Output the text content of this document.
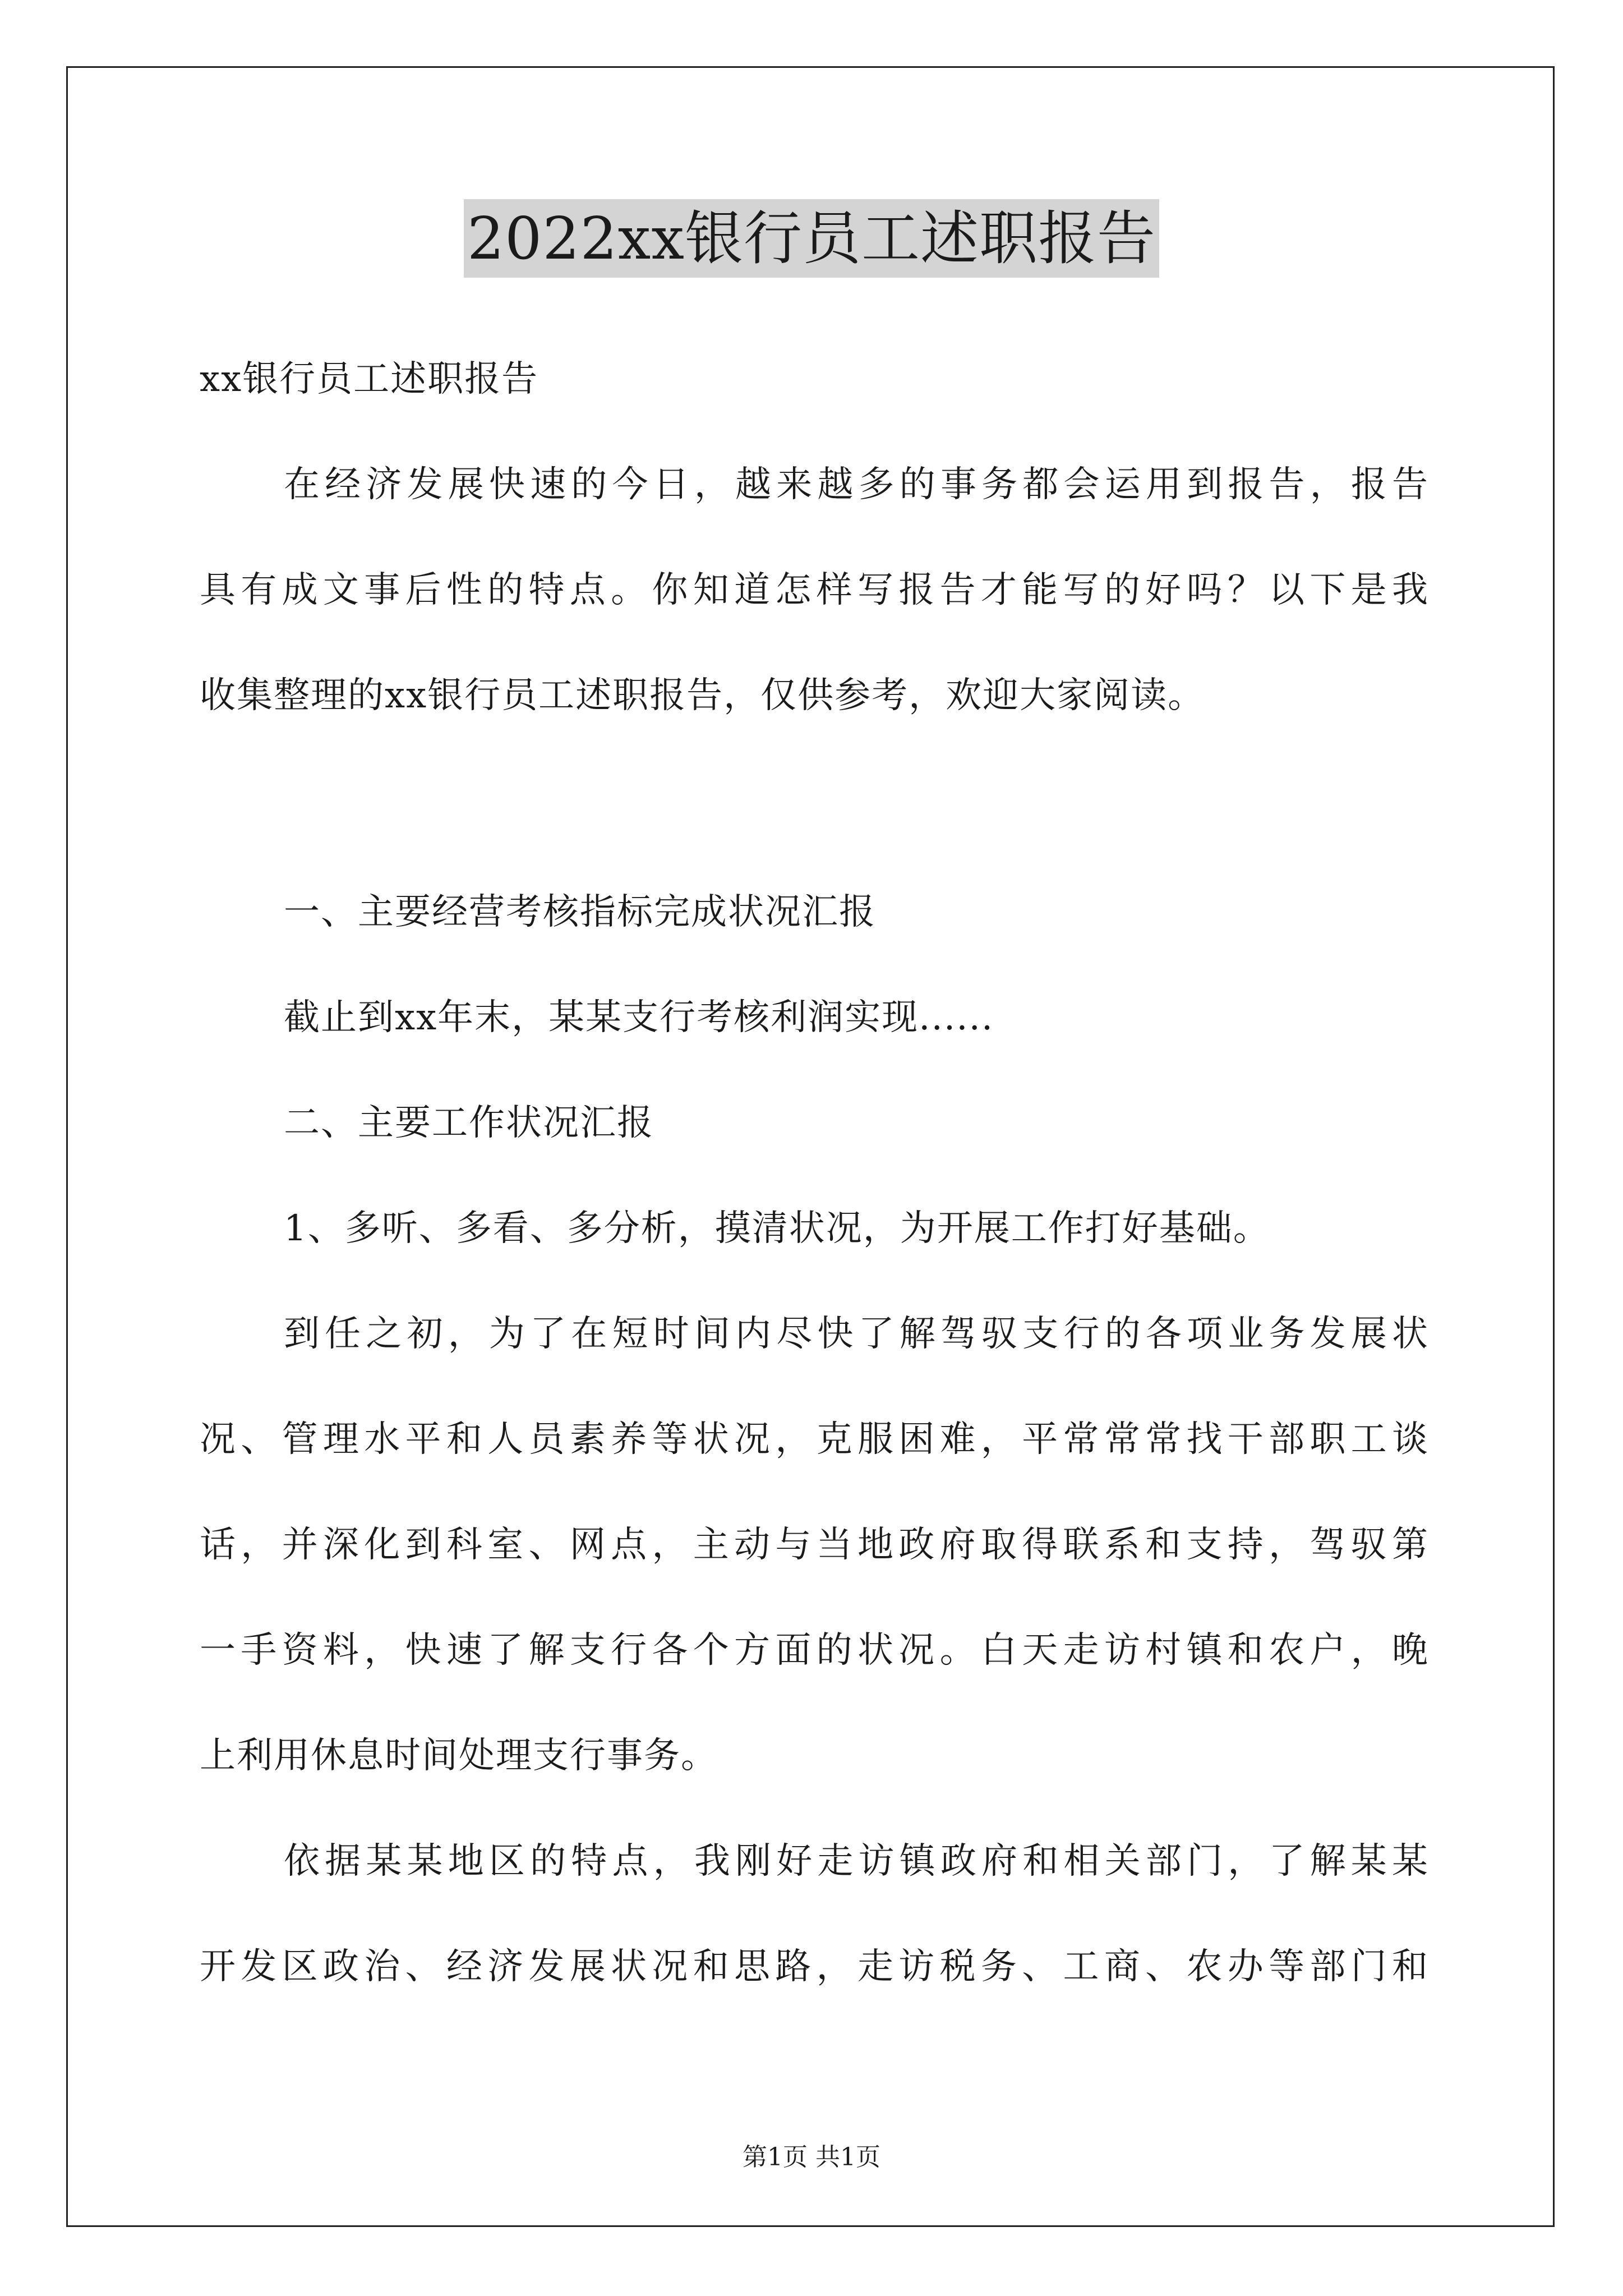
2022xx银行员工述职报告
xx银行员工述职报告
在经济发展快速的今日，越来越多的事务都会运用到报告，报告
具有成文事后性的特点。你知道怎样写报告才能写的好吗？以下是我
收集整理的xx银行员工述职报告，仅供参考，欢迎大家阅读。
一、主要经营考核指标完成状况汇报
截止到xx年末，某某支行考核利润实现......
二、主要工作状况汇报
1、多听、多看、多分析，摸清状况，为开展工作打好基础。
到任之初，为了在短时间内尽快了解驾驭支行的各项业务发展状
况、管理水平和人员素养等状况，克服困难，平常常常找干部职工谈
话，并深化到科室、网点，主动与当地政府取得联系和支持，驾驭第
一手资料，快速了解支行各个方面的状况。白天走访村镇和农户，晚
上利用休息时间处理支行事务。
依据某某地区的特点，我刚好走访镇政府和相关部门，了解某某
开发区政治、经济发展状况和思路，走访税务、工商、农办等部门和
第1页 共1页
